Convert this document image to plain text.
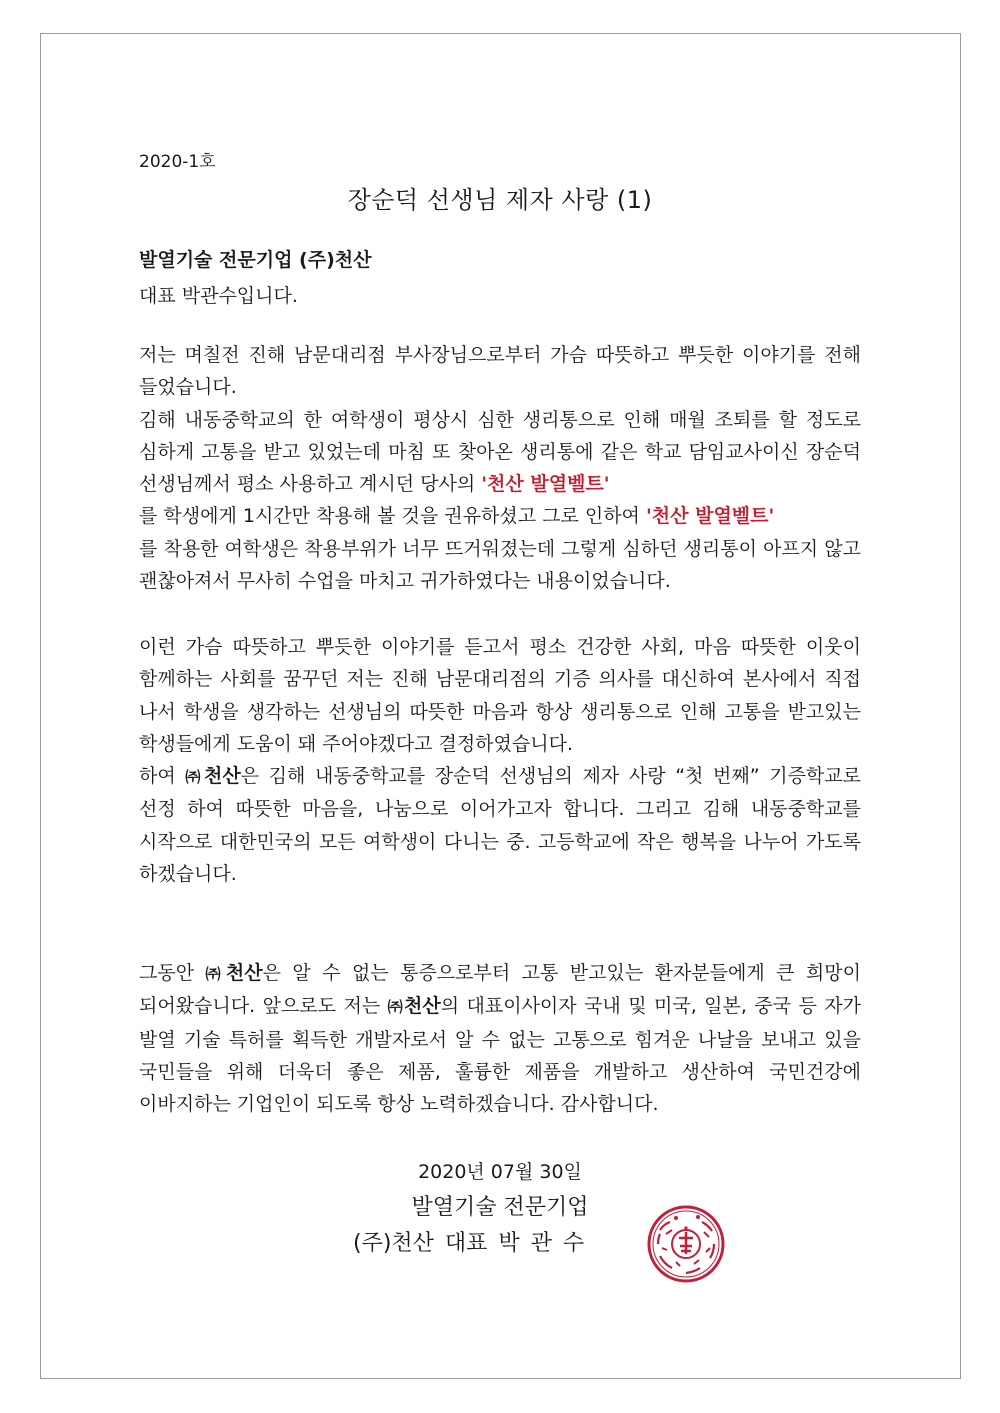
2020-1호
장순덕 선생님 제자 사랑 (1)
발열기술 전문기업 (주)천산
대표 박관수입니다.

저는 며칠전 진해 남문대리점 부사장님으로부터 가슴 따뜻하고 뿌듯한 이야기를 전해 들었습니다.
김해 내동중학교의 한 여학생이 평상시 심한 생리통으로 인해 매월 조퇴를 할 정도로 심하게 고통을 받고 있었는데 마침 또 찾아온 생리통에 같은 학교 담임교사이신 장순덕 선생님께서 평소 사용하고 계시던 당사의 '천산 발열벨트'
를 학생에게 1시간만 착용해 볼 것을 권유하셨고 그로 인하여 '천산 발열벨트'
를 착용한 여학생은 착용부위가 너무 뜨거워졌는데 그렇게 심하던 생리통이 아프지 않고 괜찮아져서 무사히 수업을 마치고 귀가하였다는 내용이었습니다.

이런 가슴 따뜻하고 뿌듯한 이야기를 듣고서 평소 건강한 사회, 마음 따뜻한 이웃이 함께하는 사회를 꿈꾸던 저는 진해 남문대리점의 기증 의사를 대신하여 본사에서 직접 나서 학생을 생각하는 선생님의 따뜻한 마음과 항상 생리통으로 인해 고통을 받고있는 학생들에게 도움이 돼 주어야겠다고 결정하였습니다.
하여 ㈜천산은 김해 내동중학교를 장순덕 선생님의 제자 사랑 “첫 번째” 기증학교로 선정 하여 따뜻한 마음을, 나눔으로 이어가고자 합니다. 그리고 김해 내동중학교를 시작으로 대한민국의 모든 여학생이 다니는 중. 고등학교에 작은 행복을 나누어 가도록 하겠습니다.

그동안 ㈜천산은 알 수 없는 통증으로부터 고통 받고있는 환자분들에게 큰 희망이 되어왔습니다. 앞으로도 저는 ㈜천산의 대표이사이자 국내 및 미국, 일본, 중국 등 자가 발열 기술 특허를 획득한 개발자로서 알 수 없는 고통으로 힘겨운 나날을 보내고 있을 국민들을 위해 더욱더 좋은 제품, 훌륭한 제품을 개발하고 생산하여 국민건강에 이바지하는 기업인이 되도록 항상 노력하겠습니다. 감사합니다.

2020년 07월 30일
발열기술 전문기업
(주)천산 대표 박 관 수
